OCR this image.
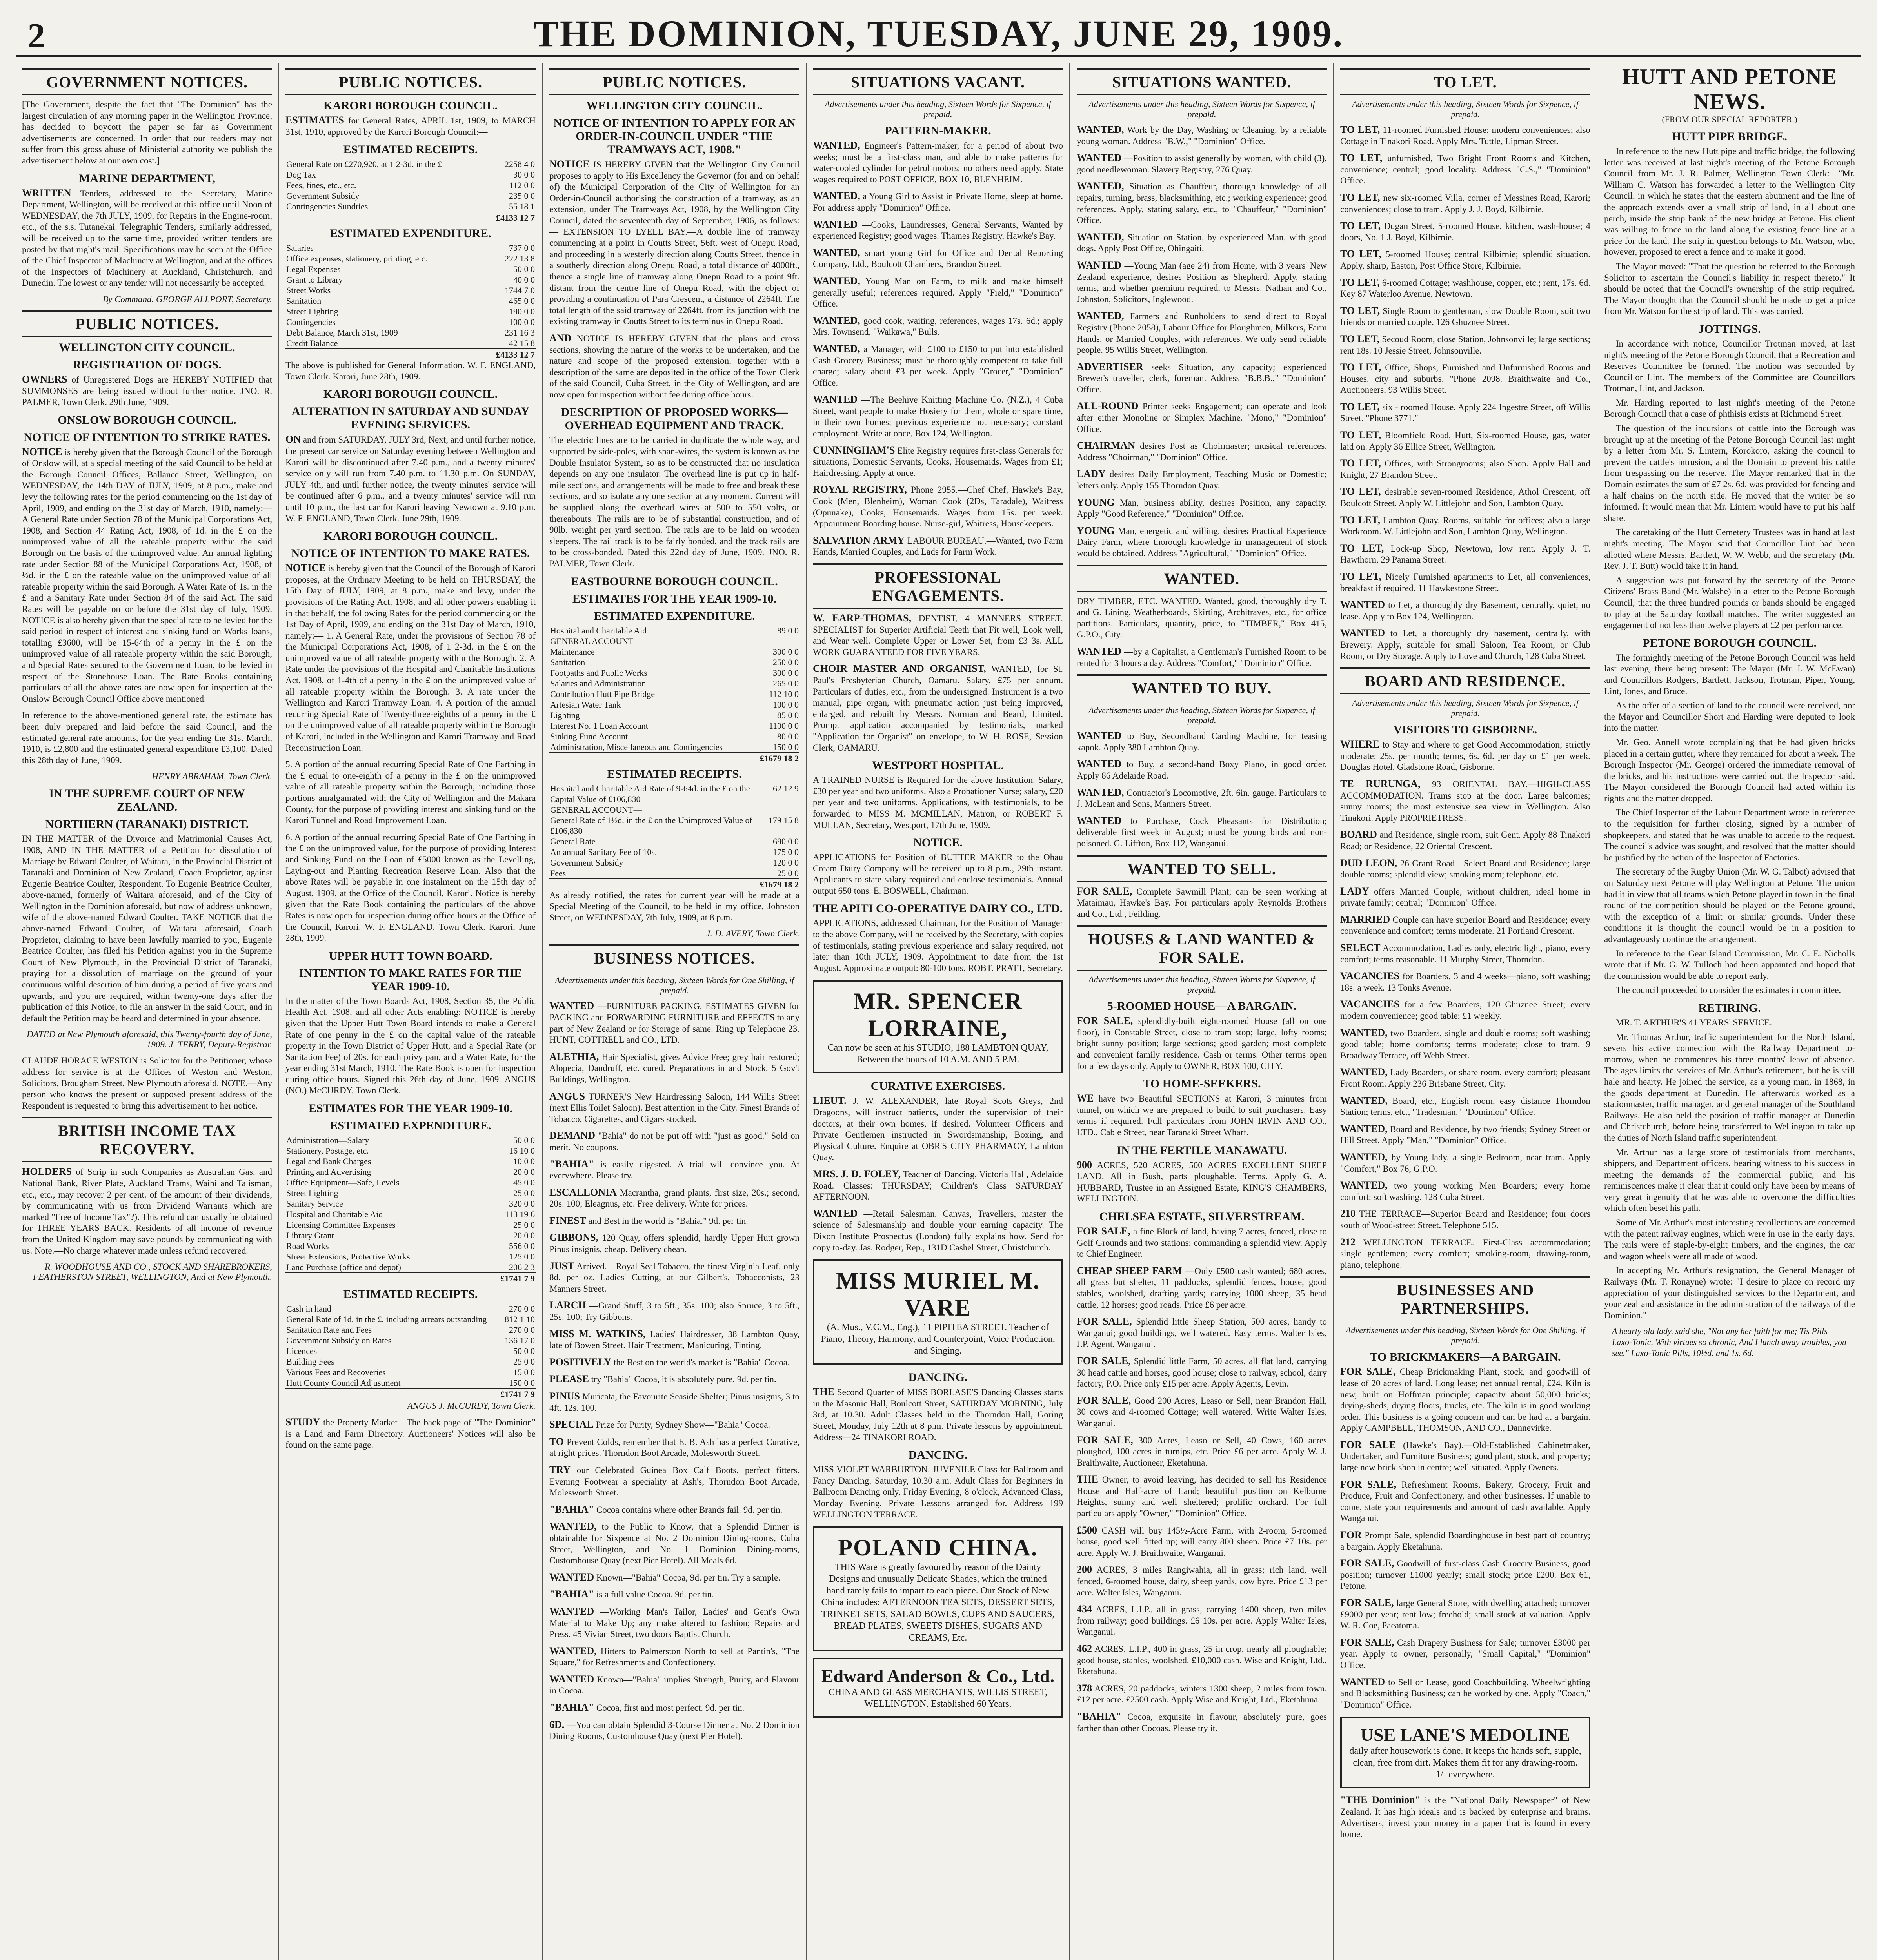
2	THE DOMINION, TUESDAY, JUNE 29, 1909.
GOVERNMENT NOTICES.
[The Government, despite the fact that "The Dominion" has the largest circulation of any morning paper in the Wellington Province, has decided to boycott the paper so far as Government advertisements are concerned. In order that our readers may not suffer from this gross abuse of Ministerial authority we publish the advertisement below at our own cost.]
MARINE DEPARTMENT,
WRITTEN Tenders, addressed to the Secretary, Marine Department, Wellington, will be received at this office until Noon of WEDNESDAY, the 7th JULY, 1909, for Repairs in the Engine-room, etc., of the s.s. Tutanekai. Telegraphic Tenders, similarly addressed, will be received up to the same time, provided written tenders are posted by that night's mail. Specifications may be seen at the Office of the Chief Inspector of Machinery at Wellington, and at the offices of the Inspectors of Machinery at Auckland, Christchurch, and Dunedin. The lowest or any tender will not necessarily be accepted.
By Command. GEORGE ALLPORT, Secretary.
PUBLIC NOTICES.
WELLINGTON CITY COUNCIL.
REGISTRATION OF DOGS.
OWNERS of Unregistered Dogs are HEREBY NOTIFIED that SUMMONSES are being issued without further notice. JNO. R. PALMER, Town Clerk. 29th June, 1909.
ONSLOW BOROUGH COUNCIL.
NOTICE OF INTENTION TO STRIKE RATES.
NOTICE is hereby given that the Borough Council of the Borough of Onslow will, at a special meeting of the said Council to be held at the Borough Council Offices, Ballance Street, Wellington, on WEDNESDAY, the 14th DAY of JULY, 1909, at 8 p.m., make and levy the following rates for the period commencing on the 1st day of April, 1909, and ending on the 31st day of March, 1910, namely:— A General Rate under Section 78 of the Municipal Corporations Act, 1908, and Section 44 Rating Act, 1908, of 1d. in the £ on the unimproved value of all the rateable property within the said Borough on the basis of the unimproved value. An annual lighting rate under Section 88 of the Municipal Corporations Act, 1908, of ½d. in the £ on the rateable value on the unimproved value of all rateable property within the said Borough. A Water Rate of 1s. in the £ and a Sanitary Rate under Section 84 of the said Act. The said Rates will be payable on or before the 31st day of July, 1909. NOTICE is also hereby given that the special rate to be levied for the said period in respect of interest and sinking fund on Works loans, totalling £3600, will be 15-64th of a penny in the £ on the unimproved value of all rateable property within the said Borough, and Special Rates secured to the Government Loan, to be levied in respect of the Stonehouse Loan. The Rate Books containing particulars of all the above rates are now open for inspection at the Onslow Borough Council Office above mentioned.
In reference to the above-mentioned general rate, the estimate has been duly prepared and laid before the said Council, and the estimated general rate amounts, for the year ending the 31st March, 1910, is £2,800 and the estimated general expenditure £3,100. Dated this 28th day of June, 1909.
HENRY ABRAHAM, Town Clerk.
IN THE SUPREME COURT OF NEW ZEALAND.
NORTHERN (TARANAKI) DISTRICT.
IN THE MATTER of the Divorce and Matrimonial Causes Act, 1908, AND IN THE MATTER of a Petition for dissolution of Marriage by Edward Coulter, of Waitara, in the Provincial District of Taranaki and Dominion of New Zealand, Coach Proprietor, against Eugenie Beatrice Coulter, Respondent. To Eugenie Beatrice Coulter, above-named, formerly of Waitara aforesaid, and of the City of Wellington in the Dominion aforesaid, but now of address unknown, wife of the above-named Edward Coulter. TAKE NOTICE that the above-named Edward Coulter, of Waitara aforesaid, Coach Proprietor, claiming to have been lawfully married to you, Eugenie Beatrice Coulter, has filed his Petition against you in the Supreme Court of New Plymouth, in the Provincial District of Taranaki, praying for a dissolution of marriage on the ground of your continuous wilful desertion of him during a period of five years and upwards, and you are required, within twenty-one days after the publication of this Notice, to file an answer in the said Court, and in default the Petition may be heard and determined in your absence.
DATED at New Plymouth aforesaid, this Twenty-fourth day of June, 1909. J. TERRY, Deputy-Registrar.
CLAUDE HORACE WESTON is Solicitor for the Petitioner, whose address for service is at the Offices of Weston and Weston, Solicitors, Brougham Street, New Plymouth aforesaid. NOTE.—Any person who knows the present or supposed present address of the Respondent is requested to bring this advertisement to her notice.
BRITISH INCOME TAX RECOVERY.
HOLDERS of Scrip in such Companies as Australian Gas, and National Bank, River Plate, Auckland Trams, Waihi and Talisman, etc., etc., may recover 2 per cent. of the amount of their dividends, by communicating with us from Dividend Warrants which are marked "Free of Income Tax"?). This refund can usually be obtained for THREE YEARS BACK. Residents of all income of revenue from the United Kingdom may save pounds by communicating with us. Note.—No charge whatever made unless refund recovered.
R. WOODHOUSE AND CO., STOCK AND SHAREBROKERS, FEATHERSTON STREET, WELLINGTON, And at New Plymouth.
PUBLIC NOTICES.
KARORI BOROUGH COUNCIL.
ESTIMATES for General Rates, APRIL 1st, 1909, to MARCH 31st, 1910, approved by the Karori Borough Council:—
ESTIMATED RECEIPTS.
General Rate on £270,920, at 1 2-3d. in the £	2258 4 0
Dog Tax	30 0 0
Fees, fines, etc., etc.	112 0 0
Government Subsidy	235 0 0
Contingencies Sundries	55 18 1
	£4133 12 7
ESTIMATED EXPENDITURE.
Salaries	737 0 0
Office expenses, stationery, printing, etc.	222 13 8
Legal Expenses	50 0 0
Grant to Library	40 0 0
Street Works	1744 7 0
Sanitation	465 0 0
Street Lighting	190 0 0
Contingencies	100 0 0
Debt Balance, March 31st, 1909	231 16 3
Credit Balance	42 15 8
	£4133 12 7
The above is published for General Information. W. F. ENGLAND, Town Clerk. Karori, June 28th, 1909.
KARORI BOROUGH COUNCIL.
ALTERATION IN SATURDAY AND SUNDAY EVENING SERVICES.
ON and from SATURDAY, JULY 3rd, Next, and until further notice, the present car service on Saturday evening between Wellington and Karori will be discontinued after 7.40 p.m., and a twenty minutes' service only will run from 7.40 p.m. to 11.30 p.m. On SUNDAY, JULY 4th, and until further notice, the twenty minutes' service will be continued after 6 p.m., and a twenty minutes' service will run until 10 p.m., the last car for Karori leaving Newtown at 9.10 p.m. W. F. ENGLAND, Town Clerk. June 29th, 1909.
KARORI BOROUGH COUNCIL.
NOTICE OF INTENTION TO MAKE RATES.
NOTICE is hereby given that the Council of the Borough of Karori proposes, at the Ordinary Meeting to be held on THURSDAY, the 15th Day of JULY, 1909, at 8 p.m., make and levy, under the provisions of the Rating Act, 1908, and all other powers enabling it in that behalf, the following Rates for the period commencing on the 1st Day of April, 1909, and ending on the 31st Day of March, 1910, namely:— 1. A General Rate, under the provisions of Section 78 of the Municipal Corporations Act, 1908, of 1 2-3d. in the £ on the unimproved value of all rateable property within the Borough. 2. A Rate under the provisions of the Hospital and Charitable Institutions Act, 1908, of 1-4th of a penny in the £ on the unimproved value of all rateable property within the Borough. 3. A rate under the Wellington and Karori Tramway Loan. 4. A portion of the annual recurring Special Rate of Twenty-three-eighths of a penny in the £ on the unimproved value of all rateable property within the Borough of Karori, included in the Wellington and Karori Tramway and Road Reconstruction Loan.
5. A portion of the annual recurring Special Rate of One Farthing in the £ equal to one-eighth of a penny in the £ on the unimproved value of all rateable property within the Borough, including those portions amalgamated with the City of Wellington and the Makara County, for the purpose of providing interest and sinking fund on the Karori Tunnel and Road Improvement Loan.
6. A portion of the annual recurring Special Rate of One Farthing in the £ on the unimproved value, for the purpose of providing Interest and Sinking Fund on the Loan of £5000 known as the Levelling, Laying-out and Planting Recreation Reserve Loan. Also that the above Rates will be payable in one instalment on the 15th day of August, 1909, at the Office of the Council, Karori. Notice is hereby given that the Rate Book containing the particulars of the above Rates is now open for inspection during office hours at the Office of the Council, Karori. W. F. ENGLAND, Town Clerk. Karori, June 28th, 1909.
UPPER HUTT TOWN BOARD.
INTENTION TO MAKE RATES FOR THE YEAR 1909-10.
In the matter of the Town Boards Act, 1908, Section 35, the Public Health Act, 1908, and all other Acts enabling: NOTICE is hereby given that the Upper Hutt Town Board intends to make a General Rate of one penny in the £ on the capital value of the rateable property in the Town District of Upper Hutt, and a Special Rate (or Sanitation Fee) of 20s. for each privy pan, and a Water Rate, for the year ending 31st March, 1910. The Rate Book is open for inspection during office hours. Signed this 26th day of June, 1909. ANGUS (NO.) McCURDY, Town Clerk.
ESTIMATES FOR THE YEAR 1909-10.
ESTIMATED EXPENDITURE.
Administration—Salary	50 0 0
Stationery, Postage, etc.	16 10 0
Legal and Bank Charges	10 0 0
Printing and Advertising	20 0 0
Office Equipment—Safe, Levels	45 0 0
Street Lighting	25 0 0
Sanitary Service	320 0 0
Hospital and Charitable Aid	113 19 6
Licensing Committee Expenses	25 0 0
Library Grant	20 0 0
Road Works	556 0 0
Street Extensions, Protective Works	125 0 0
Land Purchase (office and depot)	206 2 3
	£1741 7 9
ESTIMATED RECEIPTS.
Cash in hand	270 0 0
General Rate of 1d. in the £, including arrears outstanding	812 1 10
Sanitation Rate and Fees	270 0 0
Government Subsidy on Rates	136 17 0
Licences	50 0 0
Building Fees	25 0 0
Various Fees and Recoveries	15 0 0
Hutt County Council Adjustment	150 0 0
	£1741 7 9
ANGUS J. McCURDY, Town Clerk.
STUDY the Property Market—The back page of "The Dominion" is a Land and Farm Directory. Auctioneers' Notices will also be found on the same page.
PUBLIC NOTICES.
WELLINGTON CITY COUNCIL.
NOTICE OF INTENTION TO APPLY FOR AN ORDER-IN-COUNCIL UNDER "THE TRAMWAYS ACT, 1908."
NOTICE IS HEREBY GIVEN that the Wellington City Council proposes to apply to His Excellency the Governor (for and on behalf of) the Municipal Corporation of the City of Wellington for an Order-in-Council authorising the construction of a tramway, as an extension, under The Tramways Act, 1908, by the Wellington City Council, dated the seventeenth day of September, 1906, as follows:— EXTENSION TO LYELL BAY.—A double line of tramway commencing at a point in Coutts Street, 56ft. west of Onepu Road, and proceeding in a westerly direction along Coutts Street, thence in a southerly direction along Onepu Road, a total distance of 4000ft., thence a single line of tramway along Onepu Road to a point 9ft. distant from the centre line of Onepu Road, with the object of providing a continuation of Para Crescent, a distance of 2264ft. The total length of the said tramway of 2264ft. from its junction with the existing tramway in Coutts Street to its terminus in Onepu Road.
AND NOTICE IS HEREBY GIVEN that the plans and cross sections, showing the nature of the works to be undertaken, and the nature and scope of the proposed extension, together with a description of the same are deposited in the office of the Town Clerk of the said Council, Cuba Street, in the City of Wellington, and are now open for inspection without fee during office hours.
DESCRIPTION OF PROPOSED WORKS—OVERHEAD EQUIPMENT AND TRACK.
The electric lines are to be carried in duplicate the whole way, and supported by side-poles, with span-wires, the system is known as the Double Insulator System, so as to be constructed that no insulation depends on any one insulator. The overhead line is put up in half-mile sections, and arrangements will be made to free and break these sections, and so isolate any one section at any moment. Current will be supplied along the overhead wires at 500 to 550 volts, or thereabouts. The rails are to be of substantial construction, and of 90lb. weight per yard section. The rails are to be laid on wooden sleepers. The rail track is to be fairly bonded, and the track rails are to be cross-bonded. Dated this 22nd day of June, 1909. JNO. R. PALMER, Town Clerk.
EASTBOURNE BOROUGH COUNCIL.
ESTIMATES FOR THE YEAR 1909-10.
ESTIMATED EXPENDITURE.
Hospital and Charitable Aid	89 0 0
GENERAL ACCOUNT—	
Maintenance	300 0 0
Sanitation	250 0 0
Footpaths and Public Works	300 0 0
Salaries and Administration	265 0 0
Contribution Hutt Pipe Bridge	112 10 0
Artesian Water Tank	100 0 0
Lighting	85 0 0
Interest No. 1 Loan Account	1100 0 0
Sinking Fund Account	80 0 0
Administration, Miscellaneous and Contingencies	150 0 0
	£1679 18 2
ESTIMATED RECEIPTS.
Hospital and Charitable Aid Rate of 9-64d. in the £ on the Capital Value of £106,830	62 12 9
GENERAL ACCOUNT—	
General Rate of 1½d. in the £ on the Unimproved Value of £106,830	179 15 8
General Rate	690 0 0
An annual Sanitary Fee of 10s.	175 0 0
Government Subsidy	120 0 0
Fees	25 0 0
	£1679 18 2
As already notified, the rates for current year will be made at a Special Meeting of the Council, to be held in my office, Johnston Street, on WEDNESDAY, 7th July, 1909, at 8 p.m.
J. D. AVERY, Town Clerk.
BUSINESS NOTICES.
Advertisements under this heading, Sixteen Words for One Shilling, if prepaid.
WANTED —FURNITURE PACKING. ESTIMATES GIVEN for PACKING and FORWARDING FURNITURE and EFFECTS to any part of New Zealand or for Storage of same. Ring up Telephone 23. HUNT, COTTRELL and CO., LTD.
ALETHIA, Hair Specialist, gives Advice Free; grey hair restored; Alopecia, Dandruff, etc. cured. Preparations in and Stock. 5 Gov't Buildings, Wellington.
ANGUS TURNER'S New Hairdressing Saloon, 144 Willis Street (next Ellis Toilet Saloon). Best attention in the City. Finest Brands of Tobacco, Cigarettes, and Cigars stocked.
DEMAND "Bahia" do not be put off with "just as good." Sold on merit. No coupons.
"BAHIA" is easily digested. A trial will convince you. At everywhere. Please try.
ESCALLONIA Macrantha, grand plants, first size, 20s.; second, 20s. 100; Eleagnus, etc. Free delivery. Write for prices.
FINEST and Best in the world is "Bahia." 9d. per tin.
GIBBONS, 120 Quay, offers splendid, hardly Upper Hutt grown Pinus insignis, cheap. Delivery cheap.
JUST Arrived.—Royal Seal Tobacco, the finest Virginia Leaf, only 8d. per oz. Ladies' Cutting, at our Gilbert's, Tobacconists, 23 Manners Street.
LARCH —Grand Stuff, 3 to 5ft., 35s. 100; also Spruce, 3 to 5ft., 25s. 100; Try Gibbons.
MISS M. WATKINS, Ladies' Hairdresser, 38 Lambton Quay, late of Bowen Street. Hair Treatment, Manicuring, Tinting.
POSITIVELY the Best on the world's market is "Bahia" Cocoa.
PLEASE try "Bahia" Cocoa, it is absolutely pure. 9d. per tin.
PINUS Muricata, the Favourite Seaside Shelter; Pinus insignis, 3 to 4ft. 12s. 100.
SPECIAL Prize for Purity, Sydney Show—"Bahia" Cocoa.
TO Prevent Colds, remember that E. B. Ash has a perfect Curative, at right prices. Thorndon Boot Arcade, Molesworth Street.
TRY our Celebrated Guinea Box Calf Boots, perfect fitters. Evening Footwear a speciality at Ash's, Thorndon Boot Arcade, Molesworth Street.
"BAHIA" Cocoa contains where other Brands fail. 9d. per tin.
WANTED, to the Public to Know, that a Splendid Dinner is obtainable for Sixpence at No. 2 Dominion Dining-rooms, Cuba Street, Wellington, and No. 1 Dominion Dining-rooms, Customhouse Quay (next Pier Hotel). All Meals 6d.
WANTED Known—"Bahia" Cocoa, 9d. per tin. Try a sample.
"BAHIA" is a full value Cocoa. 9d. per tin.
WANTED —Working Man's Tailor, Ladies' and Gent's Own Material to Make Up; any make altered to fashion; Repairs and Press. 45 Vivian Street, two doors Baptist Church.
WANTED, Hitters to Palmerston North to sell at Pantin's, "The Square," for Refreshments and Confectionery.
WANTED Known—"Bahia" implies Strength, Purity, and Flavour in Cocoa.
"BAHIA" Cocoa, first and most perfect. 9d. per tin.
6D. —You can obtain Splendid 3-Course Dinner at No. 2 Dominion Dining Rooms, Customhouse Quay (next Pier Hotel).
SITUATIONS VACANT.
Advertisements under this heading, Sixteen Words for Sixpence, if prepaid.
PATTERN-MAKER.
WANTED, Engineer's Pattern-maker, for a period of about two weeks; must be a first-class man, and able to make patterns for water-cooled cylinder for petrol motors; no others need apply. State wages required to POST OFFICE, BOX 10, BLENHEIM.
WANTED, a Young Girl to Assist in Private Home, sleep at home. For address apply "Dominion" Office.
WANTED —Cooks, Laundresses, General Servants, Wanted by experienced Registry; good wages. Thames Registry, Hawke's Bay.
WANTED, smart young Girl for Office and Dental Reporting Company, Ltd., Boulcott Chambers, Brandon Street.
WANTED, Young Man on Farm, to milk and make himself generally useful; references required. Apply "Field," "Dominion" Office.
WANTED, good cook, waiting, references, wages 17s. 6d.; apply Mrs. Townsend, "Waikawa," Bulls.
WANTED, a Manager, with £100 to £150 to put into established Cash Grocery Business; must be thoroughly competent to take full charge; salary about £3 per week. Apply "Grocer," "Dominion" Office.
WANTED —The Beehive Knitting Machine Co. (N.Z.), 4 Cuba Street, want people to make Hosiery for them, whole or spare time, in their own homes; previous experience not necessary; constant employment. Write at once, Box 124, Wellington.
CUNNINGHAM'S Elite Registry requires first-class Generals for situations, Domestic Servants, Cooks, Housemaids. Wages from £1; Hairdressing. Apply at once.
ROYAL REGISTRY, Phone 2955.—Chef Chef, Hawke's Bay, Cook (Men, Blenheim), Woman Cook (2Ds, Taradale), Waitress (Opunake), Cooks, Housemaids. Wages from 15s. per week. Appointment Boarding house. Nurse-girl, Waitress, Housekeepers.
SALVATION ARMY LABOUR BUREAU.—Wanted, two Farm Hands, Married Couples, and Lads for Farm Work.
PROFESSIONAL ENGAGEMENTS.
W. EARP-THOMAS, DENTIST, 4 MANNERS STREET. SPECIALIST for Superior Artificial Teeth that Fit well, Look well, and Wear well. Complete Upper or Lower Set, from £3 3s. ALL WORK GUARANTEED FOR FIVE YEARS.
CHOIR MASTER AND ORGANIST, WANTED, for St. Paul's Presbyterian Church, Oamaru. Salary, £75 per annum. Particulars of duties, etc., from the undersigned. Instrument is a two manual, pipe organ, with pneumatic action just being improved, enlarged, and rebuilt by Messrs. Norman and Beard, Limited. Prompt application accompanied by testimonials, marked "Application for Organist" on envelope, to W. H. ROSE, Session Clerk, OAMARU.
WESTPORT HOSPITAL.
A TRAINED NURSE is Required for the above Institution. Salary, £30 per year and two uniforms. Also a Probationer Nurse; salary, £20 per year and two uniforms. Applications, with testimonials, to be forwarded to MISS M. MCMILLAN, Matron, or ROBERT F. MULLAN, Secretary, Westport, 17th June, 1909.
NOTICE.
APPLICATIONS for Position of BUTTER MAKER to the Ohau Cream Dairy Company will be received up to 8 p.m., 29th instant. Applicants to state salary required and enclose testimonials. Annual output 650 tons. E. BOSWELL, Chairman.
THE APITI CO-OPERATIVE DAIRY CO., LTD.
APPLICATIONS, addressed Chairman, for the Position of Manager to the above Company, will be received by the Secretary, with copies of testimonials, stating previous experience and salary required, not later than 10th JULY, 1909. Appointment to date from the 1st August. Approximate output: 80-100 tons. ROBT. PRATT, Secretary.
MR. SPENCER LORRAINE,
Can now be seen at his STUDIO, 188 LAMBTON QUAY, Between the hours of 10 A.M. AND 5 P.M.
CURATIVE EXERCISES.
LIEUT. J. W. ALEXANDER, late Royal Scots Greys, 2nd Dragoons, will instruct patients, under the supervision of their doctors, at their own homes, if desired. Volunteer Officers and Private Gentlemen instructed in Swordsmanship, Boxing, and Physical Culture. Enquire at OBR'S CITY PHARMACY, Lambton Quay.
MRS. J. D. FOLEY, Teacher of Dancing, Victoria Hall, Adelaide Road. Classes: THURSDAY; Children's Class SATURDAY AFTERNOON.
WANTED —Retail Salesman, Canvas, Travellers, master the science of Salesmanship and double your earning capacity. The Dixon Institute Prospectus (London) fully explains how. Send for copy to-day. Jas. Rodger, Rep., 131D Cashel Street, Christchurch.
MISS MURIEL M. VARE
(A. Mus., V.C.M., Eng.), 11 PIPITEA STREET. Teacher of Piano, Theory, Harmony, and Counterpoint, Voice Production, and Singing.
DANCING.
THE Second Quarter of MISS BORLASE'S Dancing Classes starts in the Masonic Hall, Boulcott Street, SATURDAY MORNING, July 3rd, at 10.30. Adult Classes held in the Thorndon Hall, Goring Street, Monday, July 12th at 8 p.m. Private lessons by appointment. Address—24 TINAKORI ROAD.
DANCING.
MISS VIOLET WARBURTON. JUVENILE Class for Ballroom and Fancy Dancing, Saturday, 10.30 a.m. Adult Class for Beginners in Ballroom Dancing only, Friday Evening, 8 o'clock, Advanced Class, Monday Evening. Private Lessons arranged for. Address 199 WELLINGTON TERRACE.
POLAND CHINA.
THIS Ware is greatly favoured by reason of the Dainty Designs and unusually Delicate Shades, which the trained hand rarely fails to impart to each piece. Our Stock of New China includes: AFTERNOON TEA SETS, DESSERT SETS, TRINKET SETS, SALAD BOWLS, CUPS AND SAUCERS, BREAD PLATES, SWEETS DISHES, SUGARS AND CREAMS, Etc.
Edward Anderson & Co., Ltd.
CHINA AND GLASS MERCHANTS, WILLIS STREET, WELLINGTON. Established 60 Years.
SITUATIONS WANTED.
Advertisements under this heading, Sixteen Words for Sixpence, if prepaid.
WANTED, Work by the Day, Washing or Cleaning, by a reliable young woman. Address "B.W.," "Dominion" Office.
WANTED —Position to assist generally by woman, with child (3), good needlewoman. Slavery Registry, 276 Quay.
WANTED, Situation as Chauffeur, thorough knowledge of all repairs, turning, brass, blacksmithing, etc.; working experience; good references. Apply, stating salary, etc., to "Chauffeur," "Dominion" Office.
WANTED, Situation on Station, by experienced Man, with good dogs. Apply Post Office, Ohingaiti.
WANTED —Young Man (age 24) from Home, with 3 years' New Zealand experience, desires Position as Shepherd. Apply, stating terms, and whether premium required, to Messrs. Nathan and Co., Johnston, Solicitors, Inglewood.
WANTED, Farmers and Runholders to send direct to Royal Registry (Phone 2058), Labour Office for Ploughmen, Milkers, Farm Hands, or Married Couples, with references. We only send reliable people. 95 Willis Street, Wellington.
ADVERTISER seeks Situation, any capacity; experienced Brewer's traveller, clerk, foreman. Address "B.B.B.," "Dominion" Office.
ALL-ROUND Printer seeks Engagement; can operate and look after either Monoline or Simplex Machine. "Mono," "Dominion" Office.
CHAIRMAN desires Post as Choirmaster; musical references. Address "Choirman," "Dominion" Office.
LADY desires Daily Employment, Teaching Music or Domestic; letters only. Apply 155 Thorndon Quay.
YOUNG Man, business ability, desires Position, any capacity. Apply "Good Reference," "Dominion" Office.
YOUNG Man, energetic and willing, desires Practical Experience Dairy Farm, where thorough knowledge in management of stock would be obtained. Address "Agricultural," "Dominion" Office.
WANTED.
DRY TIMBER, ETC. WANTED. Wanted, good, thoroughly dry T. and G. Lining, Weatherboards, Skirting, Architraves, etc., for office partitions. Particulars, quantity, price, to "TIMBER," Box 415, G.P.O., City.
WANTED —by a Capitalist, a Gentleman's Furnished Room to be rented for 3 hours a day. Address "Comfort," "Dominion" Office.
WANTED TO BUY.
Advertisements under this heading, Sixteen Words for Sixpence, if prepaid.
WANTED to Buy, Secondhand Carding Machine, for teasing kapok. Apply 380 Lambton Quay.
WANTED to Buy, a second-hand Boxy Piano, in good order. Apply 86 Adelaide Road.
WANTED, Contractor's Locomotive, 2ft. 6in. gauge. Particulars to J. McLean and Sons, Manners Street.
WANTED to Purchase, Cock Pheasants for Distribution; deliverable first week in August; must be young birds and non-poisoned. G. Liffton, Box 112, Wanganui.
WANTED TO SELL.
FOR SALE, Complete Sawmill Plant; can be seen working at Mataimau, Hawke's Bay. For particulars apply Reynolds Brothers and Co., Ltd., Feilding.
HOUSES & LAND WANTED & FOR SALE.
Advertisements under this heading, Sixteen Words for Sixpence, if prepaid.
5-ROOMED HOUSE—A BARGAIN.
FOR SALE, splendidly-built eight-roomed House (all on one floor), in Constable Street, close to tram stop; large, lofty rooms; bright sunny position; large sections; good garden; most complete and convenient family residence. Cash or terms. Other terms open for a few days only. Apply to OWNER, BOX 100, CITY.
TO HOME-SEEKERS.
WE have two Beautiful SECTIONS at Karori, 3 minutes from tunnel, on which we are prepared to build to suit purchasers. Easy terms if required. Full particulars from JOHN IRVIN AND CO., LTD., Cable Street, near Taranaki Street Wharf.
IN THE FERTILE MANAWATU.
900 ACRES, 520 ACRES, 500 ACRES EXCELLENT SHEEP LAND. All in Bush, parts ploughable. Terms. Apply G. A. HUBBARD, Trustee in an Assigned Estate, KING'S CHAMBERS, WELLINGTON.
CHELSEA ESTATE, SILVERSTREAM.
FOR SALE, a fine Block of land, having 7 acres, fenced, close to Golf Grounds and two stations; commanding a splendid view. Apply to Chief Engineer.
CHEAP SHEEP FARM —Only £500 cash wanted; 680 acres, all grass but shelter, 11 paddocks, splendid fences, house, good stables, woolshed, drafting yards; carrying 1000 sheep, 35 head cattle, 12 horses; good roads. Price £6 per acre.
FOR SALE, Splendid little Sheep Station, 500 acres, handy to Wanganui; good buildings, well watered. Easy terms. Walter Isles, J.P. Agent, Wanganui.
FOR SALE, Splendid little Farm, 50 acres, all flat land, carrying 30 head cattle and horses, good house; close to railway, school, dairy factory, P.O. Price only £15 per acre. Apply Agents, Levin.
FOR SALE, Good 200 Acres, Leaso or Sell, near Brandon Hall, 30 cows and 4-roomed Cottage; well watered. Write Walter Isles, Wanganui.
FOR SALE, 300 Acres, Leaso or Sell, 40 Cows, 160 acres ploughed, 100 acres in turnips, etc. Price £6 per acre. Apply W. J. Braithwaite, Auctioneer, Eketahuna.
THE Owner, to avoid leaving, has decided to sell his Residence House and Half-acre of Land; beautiful position on Kelburne Heights, sunny and well sheltered; prolific orchard. For full particulars apply "Owner," "Dominion" Office.
£500 CASH will buy 145½-Acre Farm, with 2-room, 5-roomed house, good well fitted up; will carry 800 sheep. Price £7 10s. per acre. Apply W. J. Braithwaite, Wanganui.
200 ACRES, 3 miles Rangiwahia, all in grass; rich land, well fenced, 6-roomed house, dairy, sheep yards, cow byre. Price £13 per acre. Walter Isles, Wanganui.
434 ACRES, L.I.P., all in grass, carrying 1400 sheep, two miles from railway; good buildings. £6 10s. per acre. Apply Walter Isles, Wanganui.
462 ACRES, L.I.P., 400 in grass, 25 in crop, nearly all ploughable; good house, stables, woolshed. £10,000 cash. Wise and Knight, Ltd., Eketahuna.
378 ACRES, 20 paddocks, winters 1300 sheep, 2 miles from town. £12 per acre. £2500 cash. Apply Wise and Knight, Ltd., Eketahuna.
"BAHIA" Cocoa, exquisite in flavour, absolutely pure, goes farther than other Cocoas. Please try it.
TO LET.
Advertisements under this heading, Sixteen Words for Sixpence, if prepaid.
TO LET, 11-roomed Furnished House; modern conveniences; also Cottage in Tinakori Road. Apply Mrs. Tuttle, Lipman Street.
TO LET, unfurnished, Two Bright Front Rooms and Kitchen, convenience; central; good locality. Address "C.S.," "Dominion" Office.
TO LET, new six-roomed Villa, corner of Messines Road, Karori; conveniences; close to tram. Apply J. J. Boyd, Kilbirnie.
TO LET, Dugan Street, 5-roomed House, kitchen, wash-house; 4 doors, No. 1 J. Boyd, Kilbirnie.
TO LET, 5-roomed House; central Kilbirnie; splendid situation. Apply, sharp, Easton, Post Office Store, Kilbirnie.
TO LET, 6-roomed Cottage; washhouse, copper, etc.; rent, 17s. 6d. Key 87 Waterloo Avenue, Newtown.
TO LET, Single Room to gentleman, slow Double Room, suit two friends or married couple. 126 Ghuznee Street.
TO LET, Secoud Room, close Station, Johnsonville; large sections; rent 18s. 10 Jessie Street, Johnsonville.
TO LET, Office, Shops, Furnished and Unfurnished Rooms and Houses, city and suburbs. "Phone 2098. Braithwaite and Co., Auctioneers, 93 Willis Street.
TO LET, six - roomed House. Apply 224 Ingestre Street, off Willis Street. "Phone 3771."
TO LET, Bloomfield Road, Hutt, Six-roomed House, gas, water laid on. Apply 36 Ellice Street, Wellington.
TO LET, Offices, with Strongrooms; also Shop. Apply Hall and Knight, 27 Brandon Street.
TO LET, desirable seven-roomed Residence, Athol Crescent, off Boulcott Street. Apply W. Littlejohn and Son, Lambton Quay.
TO LET, Lambton Quay, Rooms, suitable for offices; also a large Workroom. W. Littlejohn and Son, Lambton Quay, Wellington.
TO LET, Lock-up Shop, Newtown, low rent. Apply J. T. Hawthorn, 29 Panama Street.
TO LET, Nicely Furnished apartments to Let, all conveniences, breakfast if required. 11 Hawkestone Street.
WANTED to Let, a thoroughly dry Basement, centrally, quiet, no lease. Apply to Box 124, Wellington.
WANTED to Let, a thoroughly dry basement, centrally, with Brewery. Apply, suitable for small Saloon, Tea Room, or Club Room, or Dry Storage. Apply to Love and Church, 128 Cuba Street.
BOARD AND RESIDENCE.
Advertisements under this heading, Sixteen Words for Sixpence, if prepaid.
VISITORS TO GISBORNE.
WHERE to Stay and where to get Good Accommodation; strictly moderate; 25s. per month; terms, 6s. 6d. per day or £1 per week. Douglas Hotel, Gladstone Road, Gisborne.
TE RURUNGA, 93 ORIENTAL BAY.—HIGH-CLASS ACCOMMODATION. Trams stop at the door. Large balconies; sunny rooms; the most extensive sea view in Wellington. Also Tinakori. Apply PROPRIETRESS.
BOARD and Residence, single room, suit Gent. Apply 88 Tinakori Road; or Residence, 22 Oriental Crescent.
DUD LEON, 26 Grant Road—Select Board and Residence; large double rooms; splendid view; smoking room; telephone, etc.
LADY offers Married Couple, without children, ideal home in private family; central; "Dominion" Office.
MARRIED Couple can have superior Board and Residence; every convenience and comfort; terms moderate. 21 Portland Crescent.
SELECT Accommodation, Ladies only, electric light, piano, every comfort; terms reasonable. 11 Murphy Street, Thorndon.
VACANCIES for Boarders, 3 and 4 weeks—piano, soft washing; 18s. a week. 13 Tonks Avenue.
VACANCIES for a few Boarders, 120 Ghuznee Street; every modern convenience; good table; £1 weekly.
WANTED, two Boarders, single and double rooms; soft washing; good table; home comforts; terms moderate; close to tram. 9 Broadway Terrace, off Webb Street.
WANTED, Lady Boarders, or share room, every comfort; pleasant Front Room. Apply 236 Brisbane Street, City.
WANTED, Board, etc., English room, easy distance Thorndon Station; terms, etc., "Tradesman," "Dominion" Office.
WANTED, Board and Residence, by two friends; Sydney Street or Hill Street. Apply "Man," "Dominion" Office.
WANTED, by Young lady, a single Bedroom, near tram. Apply "Comfort," Box 76, G.P.O.
WANTED, two young working Men Boarders; every home comfort; soft washing. 128 Cuba Street.
210 THE TERRACE—Superior Board and Residence; four doors south of Wood-street Street. Telephone 515.
212 WELLINGTON TERRACE.—First-Class accommodation; single gentlemen; every comfort; smoking-room, drawing-room, piano, telephone.
BUSINESSES AND PARTNERSHIPS.
Advertisements under this heading, Sixteen Words for One Shilling, if prepaid.
TO BRICKMAKERS—A BARGAIN.
FOR SALE, Cheap Brickmaking Plant, stock, and goodwill of lease of 20 acres of land. Long lease; net annual rental, £24. Kiln is new, built on Hoffman principle; capacity about 50,000 bricks; drying-sheds, drying floors, trucks, etc. The kiln is in good working order. This business is a going concern and can be had at a bargain. Apply CAMPBELL, THOMSON, AND CO., Dannevirke.
FOR SALE (Hawke's Bay).—Old-Established Cabinetmaker, Undertaker, and Furniture Business; good plant, stock, and property; large new brick shop in centre; well situated. Apply Owners.
FOR SALE, Refreshment Rooms, Bakery, Grocery, Fruit and Produce, Fruit and Confectionery, and other businesses. If unable to come, state your requirements and amount of cash available. Apply Wanganui.
FOR Prompt Sale, splendid Boardinghouse in best part of country; a bargain. Apply Eketahuna.
FOR SALE, Goodwill of first-class Cash Grocery Business, good position; turnover £1000 yearly; small stock; price £200. Box 61, Petone.
FOR SALE, large General Store, with dwelling attached; turnover £9000 per year; rent low; freehold; small stock at valuation. Apply W. R. Coe, Paeatoma.
FOR SALE, Cash Drapery Business for Sale; turnover £3000 per year. Apply to owner, personally, "Small Capital," "Dominion" Office.
WANTED to Sell or Lease, good Coachbuilding, Wheelwrighting and Blacksmithing Business; can be worked by one. Apply "Coach," "Dominion" Office.
USE LANE'S MEDOLINE
daily after housework is done. It keeps the hands soft, supple, clean, free from dirt. Makes them fit for any drawing-room. 1/- everywhere.
"THE Dominion" is the "National Daily Newspaper" of New Zealand. It has high ideals and is backed by enterprise and brains. Advertisers, invest your money in a paper that is found in every home.
HUTT AND PETONE NEWS.
(FROM OUR SPECIAL REPORTER.)
HUTT PIPE BRIDGE.

In reference to the new Hutt pipe and traffic bridge, the following letter was received at last night's meeting of the Petone Borough Council from Mr. J. R. Palmer, Wellington Town Clerk:—"Mr. William C. Watson has forwarded a letter to the Wellington City Council, in which he states that the eastern abutment and the line of the approach extends over a small strip of land, in all about one perch, inside the strip bank of the new bridge at Petone. His client was willing to fence in the land along the existing fence line at a price for the land. The strip in question belongs to Mr. Watson, who, however, proposed to erect a fence and to make it good.

The Mayor moved: "That the question be referred to the Borough Solicitor to ascertain the Council's liability in respect thereto." It should be noted that the Council's ownership of the strip required. The Mayor thought that the Council should be made to get a price from Mr. Watson for the strip of land. This was carried.

JOTTINGS.

In accordance with notice, Councillor Trotman moved, at last night's meeting of the Petone Borough Council, that a Recreation and Reserves Committee be formed. The motion was seconded by Councillor Lint. The members of the Committee are Councillors Trotman, Lint, and Jackson.

Mr. Harding reported to last night's meeting of the Petone Borough Council that a case of phthisis exists at Richmond Street.

The question of the incursions of cattle into the Borough was brought up at the meeting of the Petone Borough Council last night by a letter from Mr. S. Lintern, Korokoro, asking the council to prevent the cattle's intrusion, and the Domain to prevent his cattle from trespassing on the reserve. The Mayor remarked that in the Domain estimates the sum of £7 2s. 6d. was provided for fencing and a half chains on the north side. He moved that the writer be so informed. It would mean that Mr. Lintern would have to put his half share.

The caretaking of the Hutt Cemetery Trustees was in hand at last night's meeting. The Mayor said that Councillor Lint had been allotted where Messrs. Bartlett, W. W. Webb, and the secretary (Mr. Rev. J. T. Butt) would take it in hand.

A suggestion was put forward by the secretary of the Petone Citizens' Brass Band (Mr. Walshe) in a letter to the Petone Borough Council, that the three hundred pounds or bands should be engaged to play at the Saturday football matches. The writer suggested an engagement of not less than twelve players at £2 per performance.

PETONE BOROUGH COUNCIL.

The fortnightly meeting of the Petone Borough Council was held last evening, there being present: The Mayor (Mr. J. W. McEwan) and Councillors Rodgers, Bartlett, Jackson, Trotman, Piper, Young, Lint, Jones, and Bruce.

As the offer of a section of land to the council were received, nor the Mayor and Councillor Short and Harding were deputed to look into the matter.

Mr. Geo. Annell wrote complaining that he had given bricks placed in a certain gutter, where they remained for about a week. The Borough Inspector (Mr. George) ordered the immediate removal of the bricks, and his instructions were carried out, the Inspector said. The Mayor considered the Borough Council had acted within its rights and the matter dropped.

The Chief Inspector of the Labour Department wrote in reference to the requisition for further closing, signed by a number of shopkeepers, and stated that he was unable to accede to the request. The council's advice was sought, and resolved that the matter should be justified by the action of the Inspector of Factories.

The secretary of the Rugby Union (Mr. W. G. Talbot) advised that on Saturday next Petone will play Wellington at Petone. The union had it in view that all teams which Petone played in town in the final round of the competition should be played on the Petone ground, with the exception of a limit or similar grounds. Under these conditions it is thought the council would be in a position to advantageously continue the arrangement.

In reference to the Gear Island Commission, Mr. C. E. Nicholls wrote that if Mr. G. W. Tulloch had been appointed and hoped that the commission would be able to report early.

The council proceeded to consider the estimates in committee.

RETIRING.

MR. T. ARTHUR'S 41 YEARS' SERVICE.

Mr. Thomas Arthur, traffic superintendent for the North Island, severs his active connection with the Railway Department to-morrow, when he commences his three months' leave of absence. The ages limits the services of Mr. Arthur's retirement, but he is still hale and hearty. He joined the service, as a young man, in 1868, in the goods department at Dunedin. He afterwards worked as a stationmaster, traffic manager, and general manager of the Southland Railways. He also held the position of traffic manager at Dunedin and Christchurch, before being transferred to Wellington to take up the duties of North Island traffic superintendent.

Mr. Arthur has a large store of testimonials from merchants, shippers, and Department officers, bearing witness to his success in meeting the demands of the commercial public, and his reminiscences make it clear that it could only have been by means of very great ingenuity that he was able to overcome the difficulties which often beset his path.

Some of Mr. Arthur's most interesting recollections are concerned with the patent railway engines, which were in use in the early days. The rails were of staple-by-eight timbers, and the engines, the car and wagon wheels were all made of wood.

In accepting Mr. Arthur's resignation, the General Manager of Railways (Mr. T. Ronayne) wrote: "I desire to place on record my appreciation of your distinguished services to the Department, and your zeal and assistance in the administration of the railways of the Dominion."

A hearty old lady, said she, "Not any her faith for me; Tis Pills Laxo-Tonic, With virtues so chronic, And I lunch away troubles, you see." Laxo-Tonic Pills, 10½d. and 1s. 6d.
